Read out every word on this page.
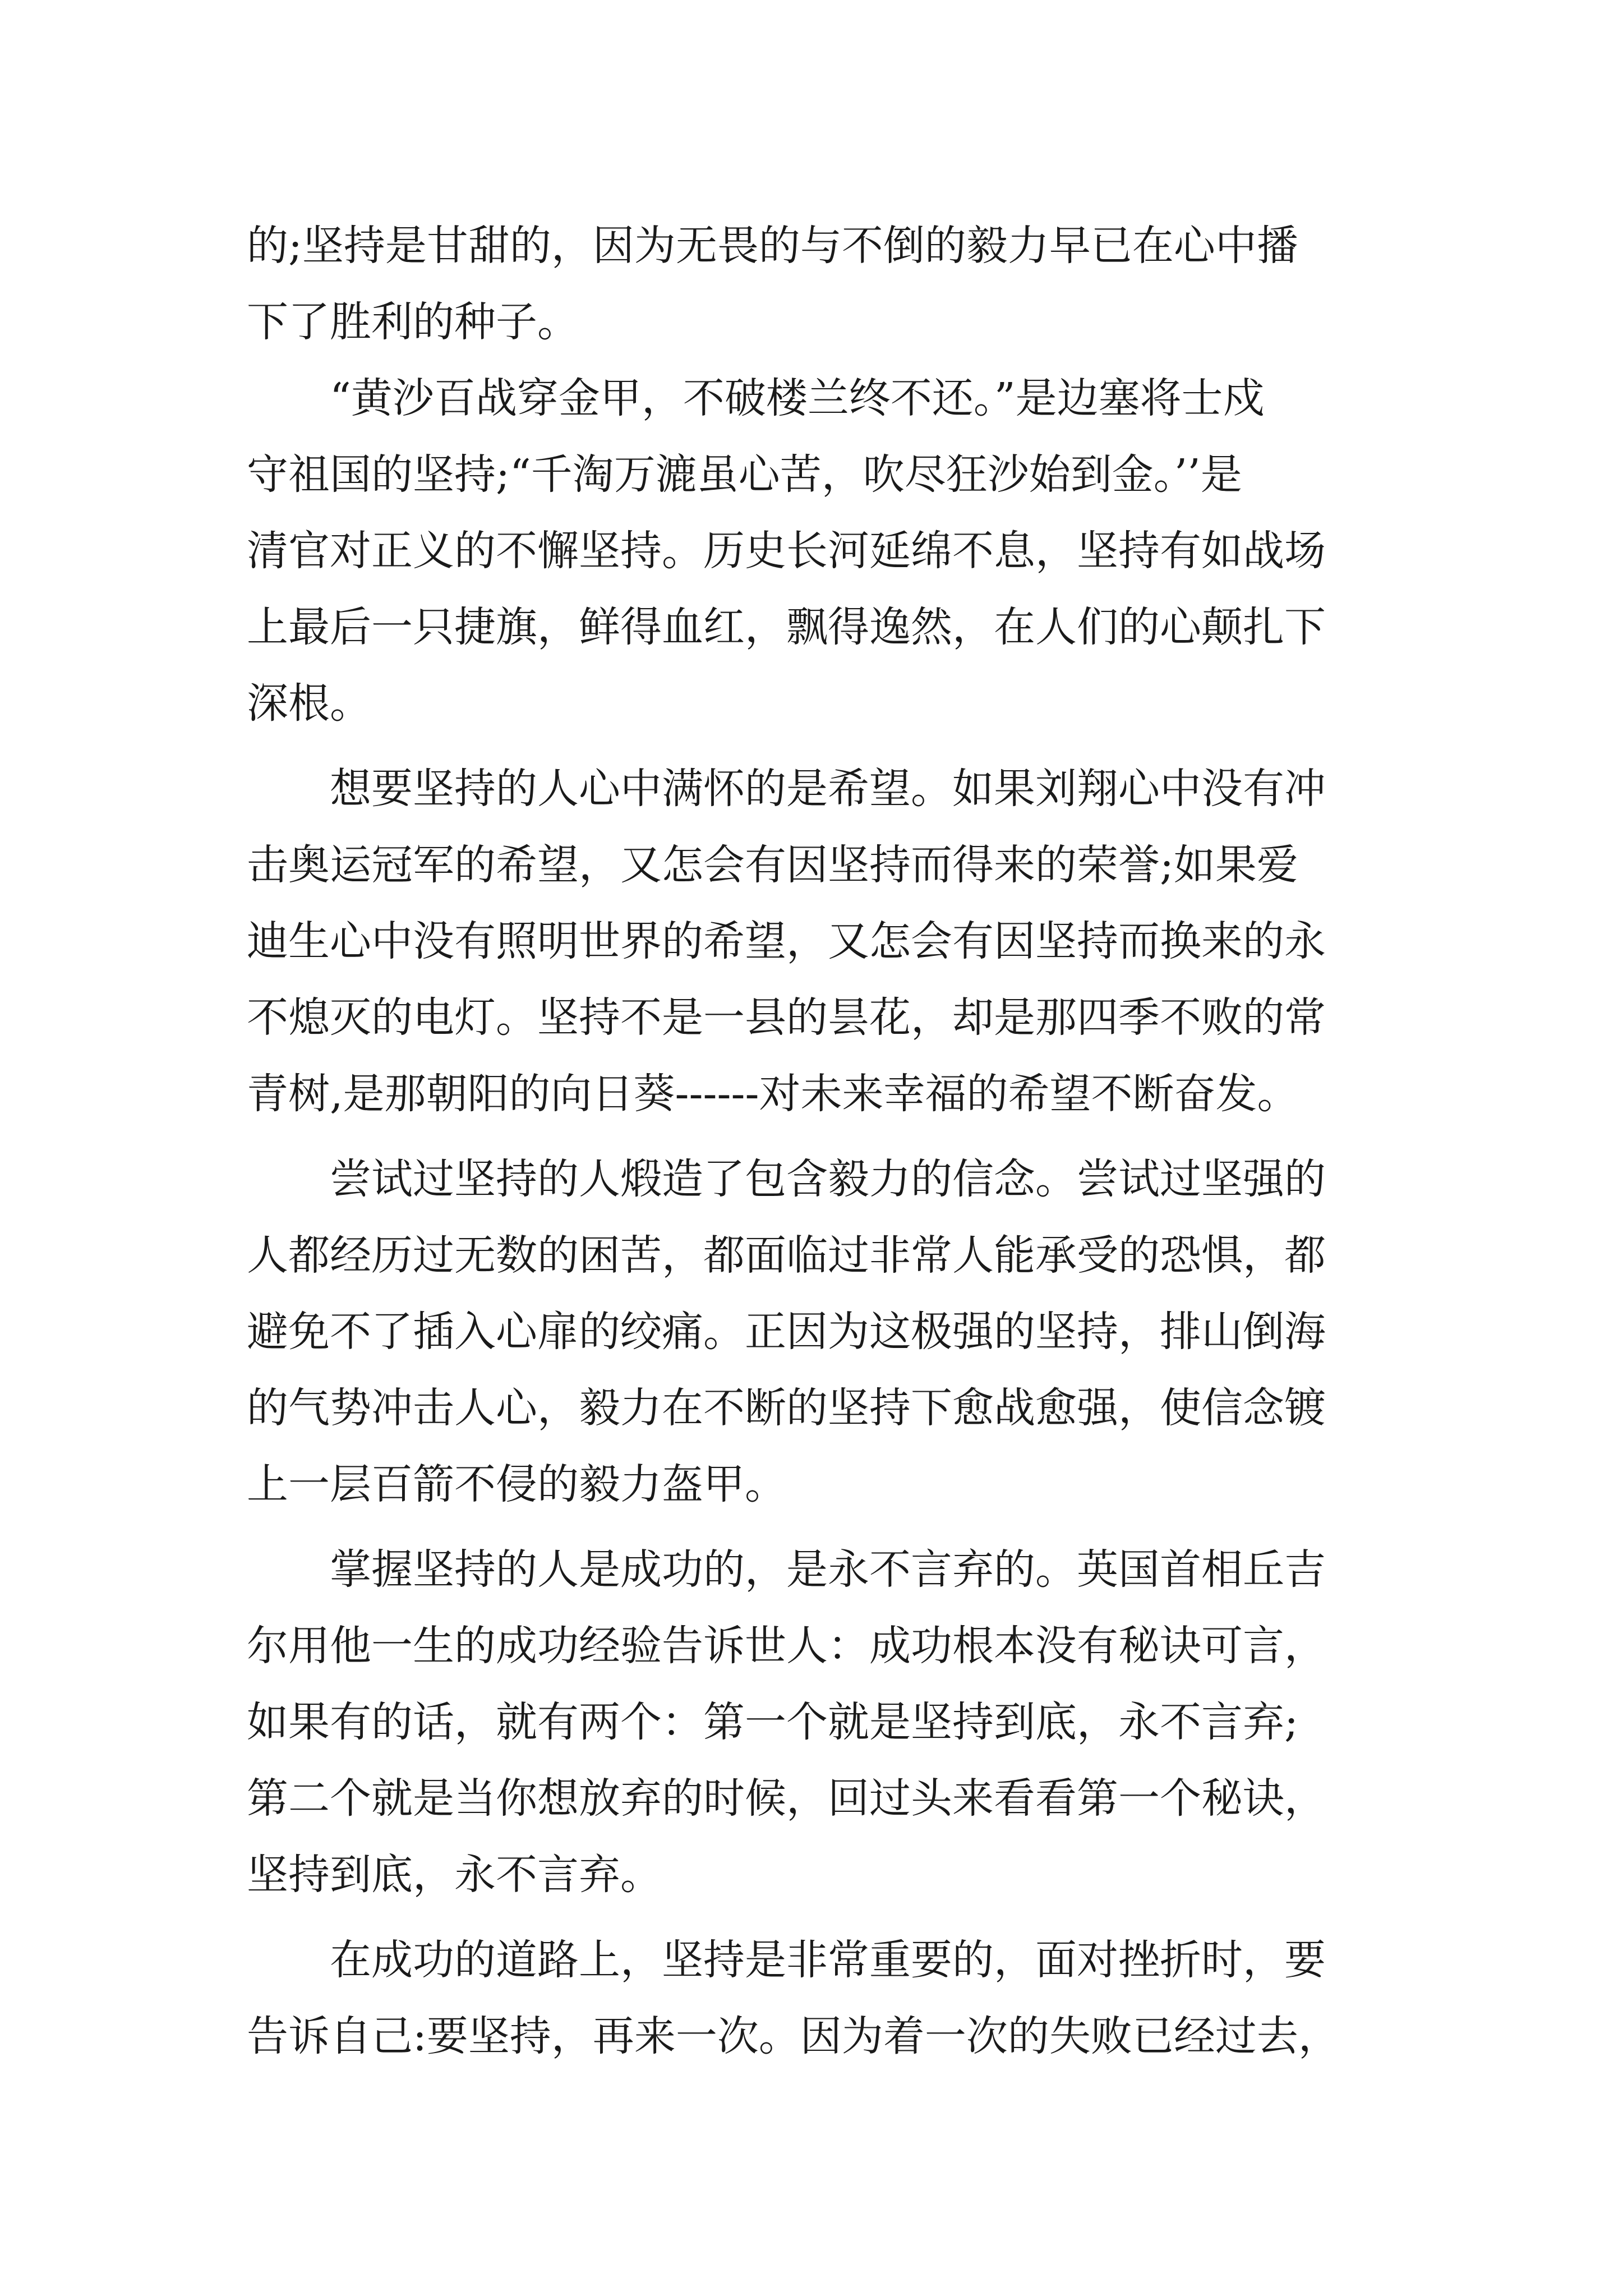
的;坚持是甘甜的，因为无畏的与不倒的毅力早已在心中播
下了胜利的种子。
“黄沙百战穿金甲，不破楼兰终不还。”是边塞将士戍
守祖国的坚持;“千淘万漉虽心苦，吹尽狂沙始到金。’’是
清官对正义的不懈坚持。历史长河延绵不息，坚持有如战场
上最后一只捷旗，鲜得血红，飘得逸然，在人们的心颠扎下
深根。
想要坚持的人心中满怀的是希望。如果刘翔心中没有冲
击奥运冠军的希望，又怎会有因坚持而得来的荣誉;如果爱
迪生心中没有照明世界的希望，又怎会有因坚持而换来的永
不熄灭的电灯。坚持不是一县的昙花，却是那四季不败的常
青树,是那朝阳的向日葵------对未来幸福的希望不断奋发。
尝试过坚持的人煅造了包含毅力的信念。尝试过坚强的
人都经历过无数的困苦，都面临过非常人能承受的恐惧，都
避免不了插入心扉的绞痛。正因为这极强的坚持，排山倒海
的气势冲击人心，毅力在不断的坚持下愈战愈强，使信念镀
上一层百箭不侵的毅力盔甲。
掌握坚持的人是成功的，是永不言弃的。英国首相丘吉
尔用他一生的成功经验告诉世人：成功根本没有秘诀可言，
如果有的话，就有两个：第一个就是坚持到底，永不言弃;
第二个就是当你想放弃的时候，回过头来看看第一个秘诀，
坚持到底，永不言弃。
在成功的道路上，坚持是非常重要的，面对挫折时，要
告诉自己:要坚持，再来一次。因为着一次的失败已经过去，
